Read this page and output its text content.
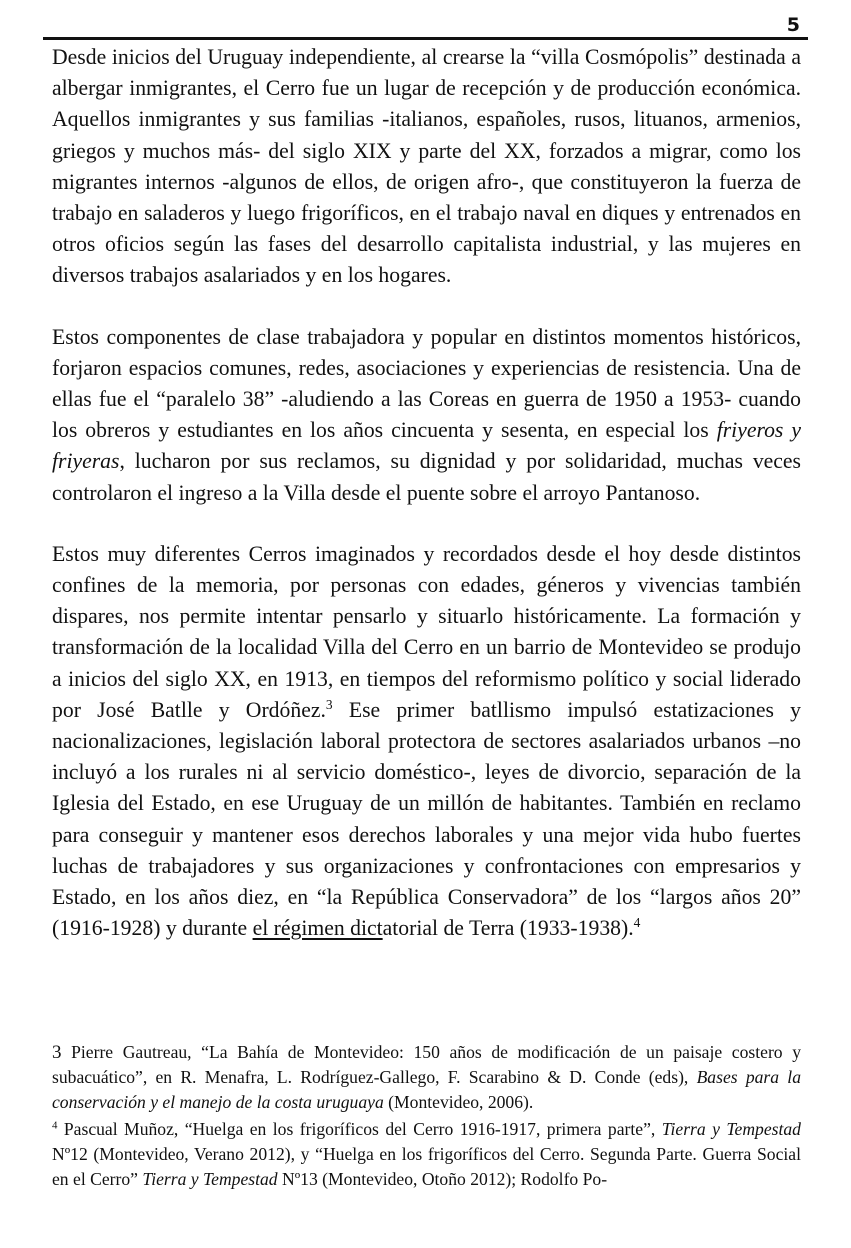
5

Desde inicios del Uruguay independiente, al crearse la “villa Cosmópolis” destinada a albergar inmigrantes, el Cerro fue un lugar de recepción y de producción económica. Aquellos inmigrantes y sus familias -italianos, españoles, rusos, lituanos, armenios, griegos y muchos más- del siglo XIX y parte del XX, forzados a migrar, como los migrantes internos -algunos de ellos, de origen afro-, que constituyeron la fuerza de trabajo en saladeros y luego frigoríficos, en el trabajo naval en diques y entrenados en otros oficios según las fases del desarrollo capitalista industrial, y las mujeres en diversos trabajos asalariados y en los hogares.

Estos componentes de clase trabajadora y popular en distintos momentos históricos, forjaron espacios comunes, redes, asociaciones y experiencias de resistencia. Una de ellas fue el “paralelo 38” -aludiendo a las Coreas en guerra de 1950 a 1953- cuando los obreros y estudiantes en los años cincuenta y sesenta, en especial los friyeros y friyeras, lucharon por sus reclamos, su dignidad y por solidaridad, muchas veces controlaron el ingreso a la Villa desde el puente sobre el arroyo Pantanoso.

Estos muy diferentes Cerros imaginados y recordados desde el hoy desde distintos confines de la memoria, por personas con edades, géneros y vivencias también dispares, nos permite intentar pensarlo y situarlo históricamente. La formación y transformación de la localidad Villa del Cerro en un barrio de Montevideo se produjo a inicios del siglo XX, en 1913, en tiempos del reformismo político y social liderado por José Batlle y Ordóñez.$^3$ Ese primer batllismo impulsó estatizaciones y nacionalizaciones, legislación laboral protectora de sectores asalariados urbanos –no incluyó a los rurales ni al servicio doméstico-, leyes de divorcio, separación de la Iglesia del Estado, en ese Uruguay de un millón de habitantes. También en reclamo para conseguir y mantener esos derechos laborales y una mejor vida hubo fuertes luchas de trabajadores y sus organizaciones y confrontaciones con empresarios y Estado, en los años diez, en “la República Conservadora” de los “largos años 20” (1916-1928) y durante el régimen dictatorial de Terra (1933-1938).$^4$

3 Pierre Gautreau, “La Bahía de Montevideo: 150 años de modificación de un paisaje costero y subacuático”, en R. Menafra, L. Rodríguez-Gallego, F. Scarabino & D. Conde (eds), Bases para la conservación y el manejo de la costa uruguaya (Montevideo, 2006).

$^4$ Pascual Muñoz, “Huelga en los frigoríficos del Cerro 1916-1917, primera parte”, Tierra y Tempestad Nº12 (Montevideo, Verano 2012), y “Huelga en los frigoríficos del Cerro. Segunda Parte. Guerra Social en el Cerro” Tierra y Tempestad Nº13 (Montevideo, Otoño 2012); Rodolfo Po-
